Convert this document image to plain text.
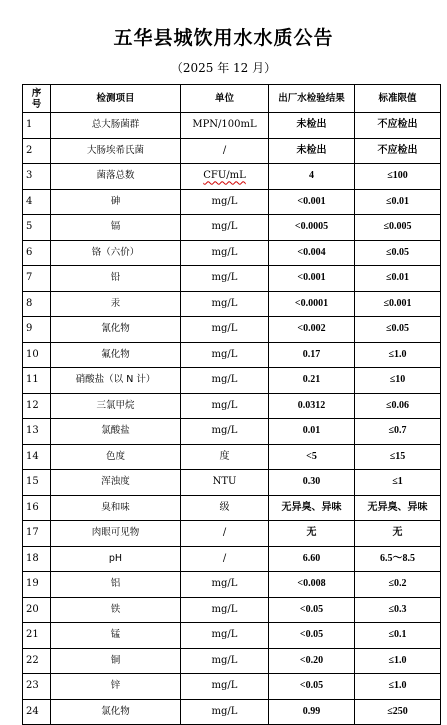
五华县城饮用水水质公告
（2025 年 12 月）
序
号	检测项目	单位	出厂水检验结果	标准限值
1	总大肠菌群	MPN/100mL	未检出	不应检出
2	大肠埃希氏菌	/	未检出	不应检出
3	菌落总数	CFU/mL	4	≤100
4	砷	mg/L	<0.001	≤0.01
5	镉	mg/L	<0.0005	≤0.005
6	铬（六价）	mg/L	<0.004	≤0.05
7	铅	mg/L	<0.001	≤0.01
8	汞	mg/L	<0.0001	≤0.001
9	氰化物	mg/L	<0.002	≤0.05
10	氟化物	mg/L	0.17	≤1.0
11	硝酸盐（以 N 计）	mg/L	0.21	≤10
12	三氯甲烷	mg/L	0.0312	≤0.06
13	氯酸盐	mg/L	0.01	≤0.7
14	色度	度	<5	≤15
15	浑浊度	NTU	0.30	≤1
16	臭和味	级	无异臭、异味	无异臭、异味
17	肉眼可见物	/	无	无
18	pH	/	6.60	6.5～8.5
19	铝	mg/L	<0.008	≤0.2
20	铁	mg/L	<0.05	≤0.3
21	锰	mg/L	<0.05	≤0.1
22	铜	mg/L	<0.20	≤1.0
23	锌	mg/L	<0.05	≤1.0
24	氯化物	mg/L	0.99	≤250
